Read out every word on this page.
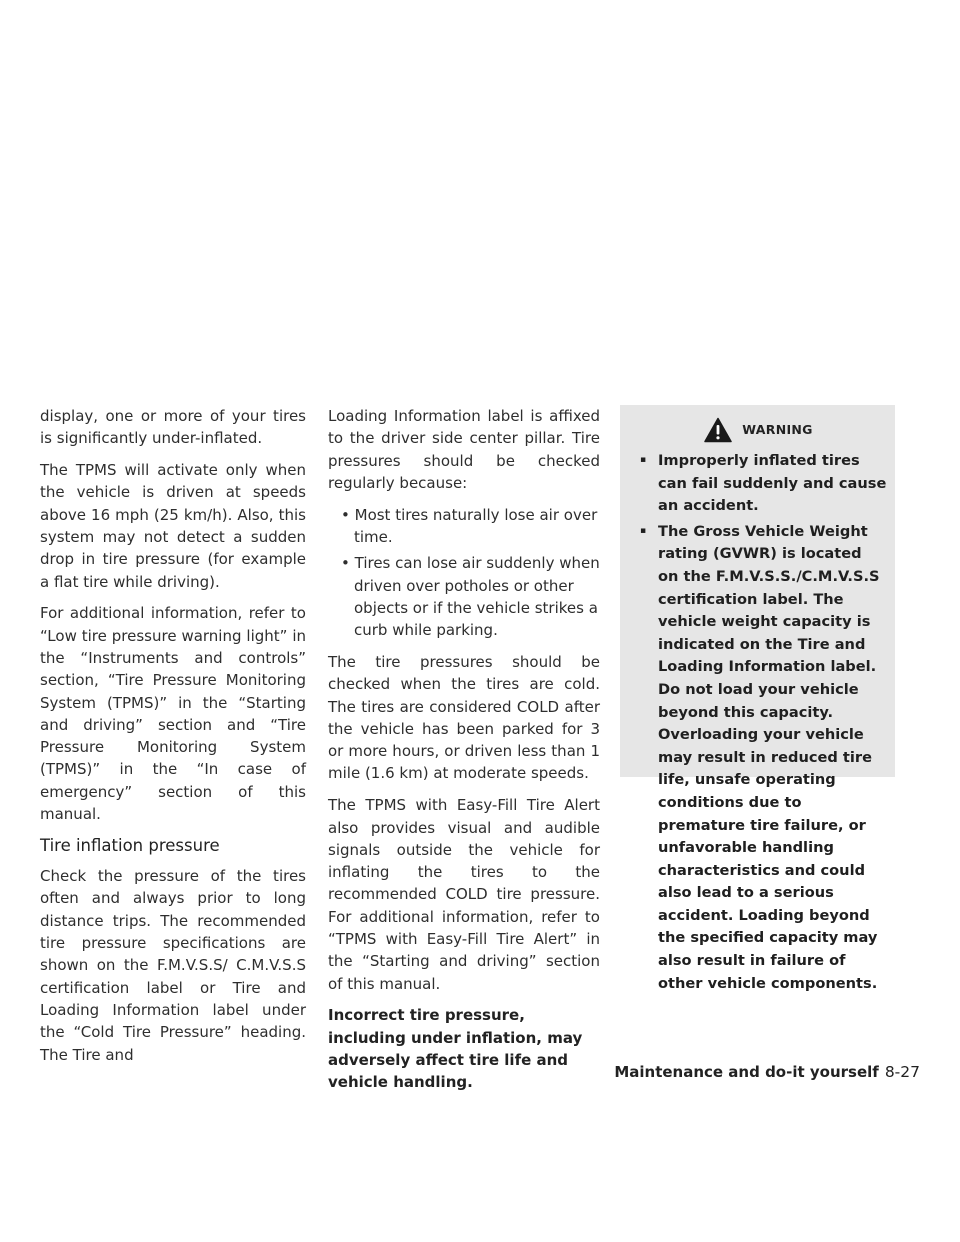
display, one or more of your tires is significantly under-inflated.

The TPMS will activate only when the vehicle is driven at speeds above 16 mph (25 km/h). Also, this system may not detect a sudden drop in tire pressure (for example a flat tire while driving).

For additional information, refer to “Low tire pressure warning light” in the “Instruments and controls” section, “Tire Pressure Monitoring System (TPMS)” in the “Starting and driving” section and “Tire Pressure Monitoring System (TPMS)” in the “In case of emergency” section of this manual.

Tire inflation pressure

Check the pressure of the tires often and always prior to long distance trips. The recommended tire pressure specifications are shown on the F.M.V.S.S/ C.M.V.S.S certification label or Tire and Loading Information label under the “Cold Tire Pressure” heading. The Tire and

Loading Information label is affixed to the driver side center pillar. Tire pressures should be checked regularly because:

• Most tires naturally lose air over time.
• Tires can lose air suddenly when driven over potholes or other objects or if the vehicle strikes a curb while parking.

The tire pressures should be checked when the tires are cold. The tires are considered COLD after the vehicle has been parked for 3 or more hours, or driven less than 1 mile (1.6 km) at moderate speeds.

The TPMS with Easy-Fill Tire Alert also provides visual and audible signals outside the vehicle for inflating the tires to the recommended COLD tire pressure. For additional information, refer to “TPMS with Easy-Fill Tire Alert” in the “Starting and driving” section of this manual.

Incorrect tire pressure, including under inflation, may adversely affect tire life and vehicle handling.

WARNING
▪ Improperly inflated tires can fail suddenly and cause an accident.
▪ The Gross Vehicle Weight rating (GVWR) is located on the F.M.V.S.S./C.M.V.S.S certification label. The vehicle weight capacity is indicated on the Tire and Loading Information label. Do not load your vehicle beyond this capacity. Overloading your vehicle may result in reduced tire life, unsafe operating conditions due to premature tire failure, or unfavorable handling characteristics and could also lead to a serious accident. Loading beyond the specified capacity may also result in failure of other vehicle components.
Maintenance and do-it yourself 8-27
